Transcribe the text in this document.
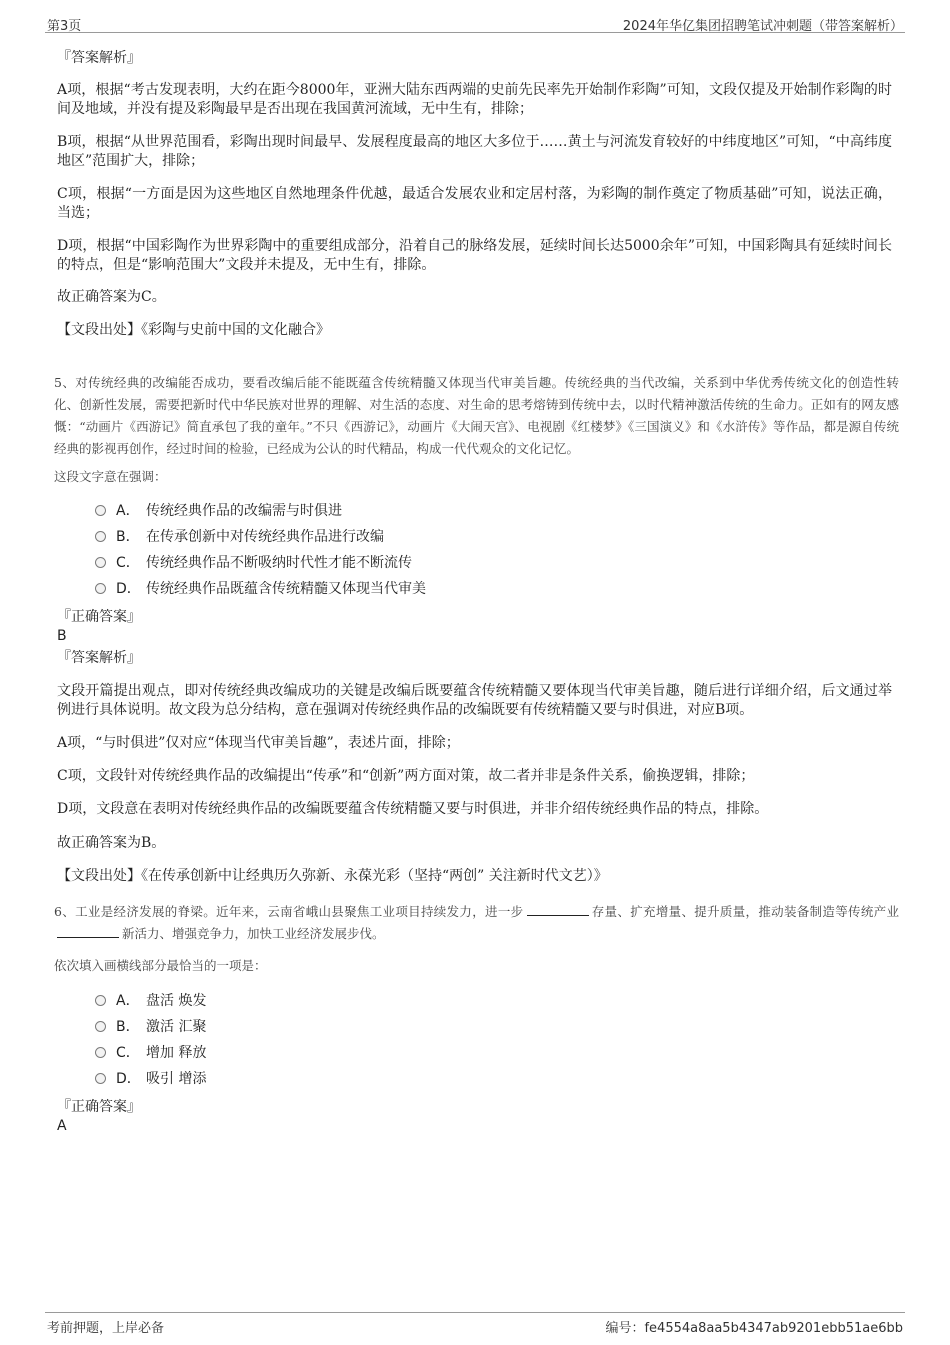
第3页	2024年华亿集团招聘笔试冲刺题（带答案解析）
『答案解析』
A项，根据“考古发现表明，大约在距今8000年，亚洲大陆东西两端的史前先民率先开始制作彩陶”可知，文段仅提及开始制作彩陶的时间及地域，并没有提及彩陶最早是否出现在我国黄河流域，无中生有，排除；
B项，根据“从世界范围看，彩陶出现时间最早、发展程度最高的地区大多位于……黄土与河流发育较好的中纬度地区”可知，“中高纬度地区”范围扩大，排除；
C项，根据“一方面是因为这些地区自然地理条件优越，最适合发展农业和定居村落，为彩陶的制作奠定了物质基础”可知，说法正确，当选；
D项，根据“中国彩陶作为世界彩陶中的重要组成部分，沿着自己的脉络发展，延续时间长达5000余年”可知，中国彩陶具有延续时间长的特点，但是“影响范围大”文段并未提及，无中生有，排除。
故正确答案为C。
【文段出处】《彩陶与史前中国的文化融合》
5、对传统经典的改编能否成功，要看改编后能不能既蕴含传统精髓又体现当代审美旨趣。传统经典的当代改编，关系到中华优秀传统文化的创造性转化、创新性发展，需要把新时代中华民族对世界的理解、对生活的态度、对生命的思考熔铸到传统中去，以时代精神激活传统的生命力。正如有的网友感慨：“动画片《西游记》简直承包了我的童年。”不只《西游记》，动画片《大闹天宫》、电视剧《红楼梦》《三国演义》和《水浒传》等作品，都是源自传统经典的影视再创作，经过时间的检验，已经成为公认的时代精品，构成一代代观众的文化记忆。
这段文字意在强调：
A． 传统经典作品的改编需与时俱进
B． 在传承创新中对传统经典作品进行改编
C． 传统经典作品不断吸纳时代性才能不断流传
D． 传统经典作品既蕴含传统精髓又体现当代审美
『正确答案』
B
『答案解析』
文段开篇提出观点，即对传统经典改编成功的关键是改编后既要蕴含传统精髓又要体现当代审美旨趣，随后进行详细介绍，后文通过举例进行具体说明。故文段为总分结构，意在强调对传统经典作品的改编既要有传统精髓又要与时俱进，对应B项。
A项，“与时俱进”仅对应“体现当代审美旨趣”，表述片面，排除；
C项，文段针对传统经典作品的改编提出“传承”和“创新”两方面对策，故二者并非是条件关系，偷换逻辑，排除；
D项，文段意在表明对传统经典作品的改编既要蕴含传统精髓又要与时俱进，并非介绍传统经典作品的特点，排除。
故正确答案为B。
【文段出处】《在传承创新中让经典历久弥新、永葆光彩（坚持“两创” 关注新时代文艺）》
6、工业是经济发展的脊梁。近年来，云南省峨山县聚焦工业项目持续发力，进一步	存量、扩充增量、提升质量，推动装备制造等传统产业新活力、增强竞争力，加快工业经济发展步伐。
依次填入画横线部分最恰当的一项是：
A． 盘活 焕发
B． 激活 汇聚
C． 增加 释放
D． 吸引 增添
『正确答案』
A
考前押题，上岸必备	编号：fe4554a8aa5b4347ab9201ebb51ae6bb
